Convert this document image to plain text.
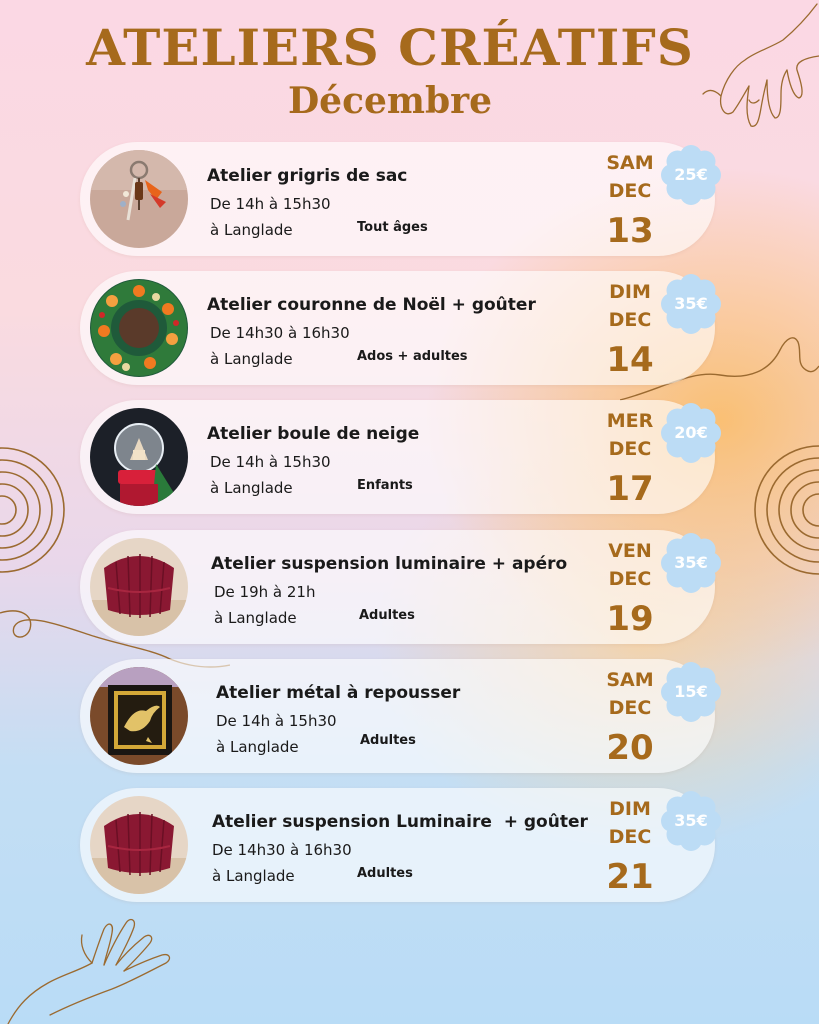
ATELIERS CRÉATIFS
Décembre
Atelier grigris de sac
De 14h à 15h30
à Langlade	Tout âges
SAM
DEC
13
25€
Atelier couronne de Noël + goûter
De 14h30 à 16h30
à Langlade	Ados + adultes
DIM
DEC
14
35€
Atelier boule de neige
De 14h à 15h30
à Langlade	Enfants
MER
DEC
17
20€
Atelier suspension luminaire + apéro
De 19h à 21h
à Langlade	Adultes
VEN
DEC
19
35€
Atelier métal à repousser
De 14h à 15h30
à Langlade	Adultes
SAM
DEC
20
15€
Atelier suspension Luminaire  + goûter
De 14h30 à 16h30
à Langlade	Adultes
DIM
DEC
21
35€
